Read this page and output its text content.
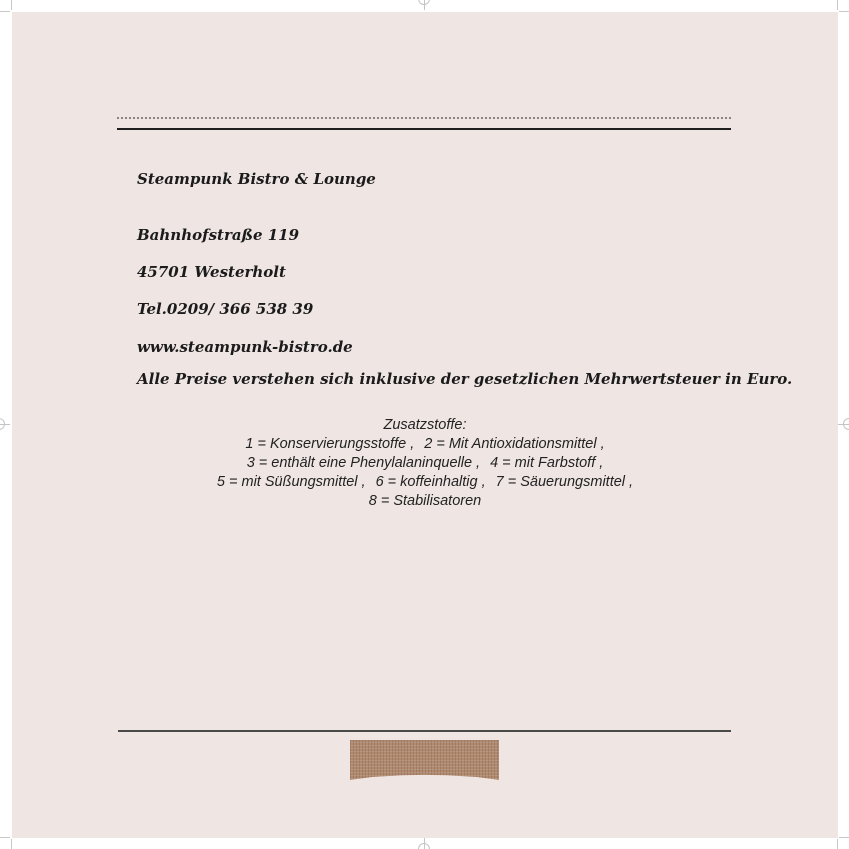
Steampunk Bistro & Lounge

Bahnhofstraße 119

45701 Westerholt

Tel.0209/ 366 538 39

www.steampunk-bistro.de

Alle Preise verstehen sich inklusive der gesetzlichen Mehrwertsteuer in Euro.

Zusatzstoffe:
1 = Konservierungsstoffe , 2 = Mit Antioxidationsmittel ,
3 = enthält eine Phenylalaninquelle , 4 = mit Farbstoff ,
5 = mit Süßungsmittel , 6 = koffeinhaltig , 7 = Säuerungsmittel ,
8 = Stabilisatoren
